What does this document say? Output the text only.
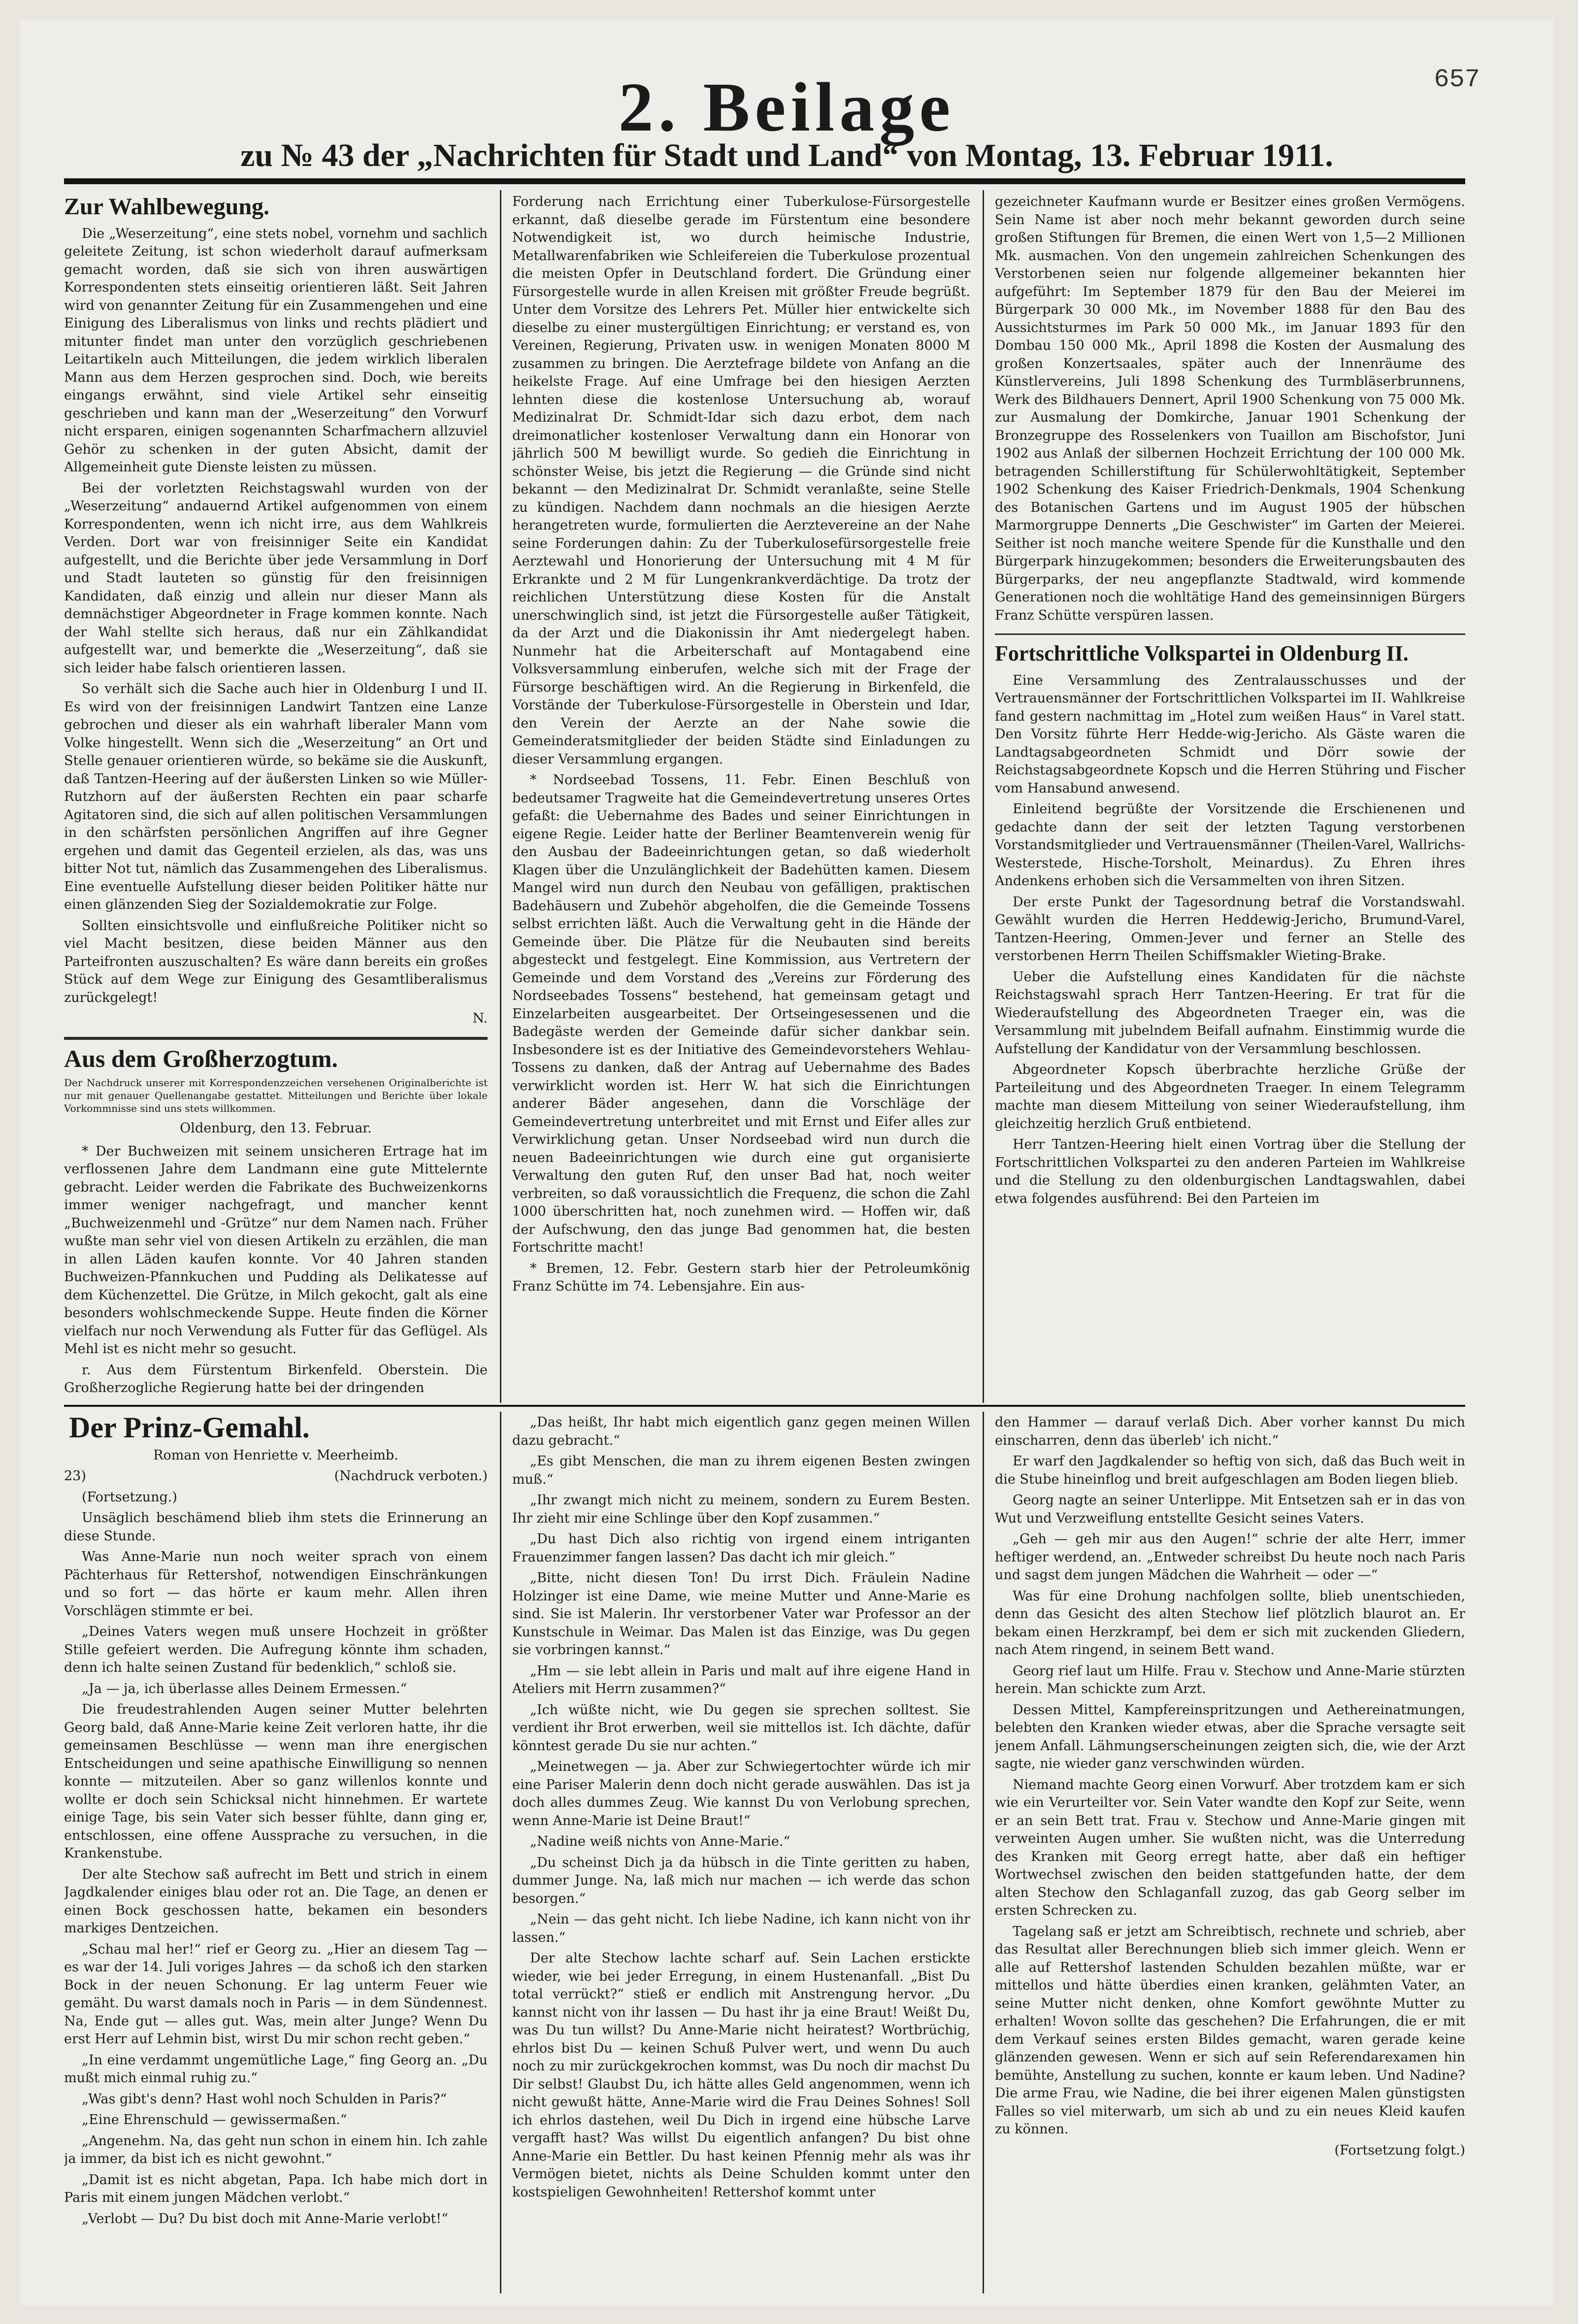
657
2. Beilage
zu № 43 der „Nachrichten für Stadt und Land“ von Montag, 13. Februar 1911.
Zur Wahlbewegung.

Die „Weserzeitung“, eine stets nobel, vornehm und sachlich geleitete Zeitung, ist schon wiederholt darauf aufmerksam gemacht worden, daß sie sich von ihren auswärtigen Korrespondenten stets einseitig orientieren läßt. Seit Jahren wird von genannter Zeitung für ein Zusammengehen und eine Einigung des Liberalismus von links und rechts plädiert und mitunter findet man unter den vorzüglich geschriebenen Leitartikeln auch Mitteilungen, die jedem wirklich liberalen Mann aus dem Herzen gesprochen sind. Doch, wie bereits eingangs erwähnt, sind viele Artikel sehr einseitig geschrieben und kann man der „Weserzeitung“ den Vorwurf nicht ersparen, einigen sogenannten Scharfmachern allzuviel Gehör zu schenken in der guten Absicht, damit der Allgemeinheit gute Dienste leisten zu müssen.

Bei der vorletzten Reichstagswahl wurden von der „Weserzeitung“ andauernd Artikel aufgenommen von einem Korrespondenten, wenn ich nicht irre, aus dem Wahlkreis Verden. Dort war von freisinniger Seite ein Kandidat aufgestellt, und die Berichte über jede Versammlung in Dorf und Stadt lauteten so günstig für den freisinnigen Kandidaten, daß einzig und allein nur dieser Mann als demnächstiger Abgeordneter in Frage kommen konnte. Nach der Wahl stellte sich heraus, daß nur ein Zählkandidat aufgestellt war, und bemerkte die „Weserzeitung“, daß sie sich leider habe falsch orientieren lassen.

So verhält sich die Sache auch hier in Oldenburg I und II. Es wird von der freisinnigen Landwirt Tantzen eine Lanze gebrochen und dieser als ein wahrhaft liberaler Mann vom Volke hingestellt. Wenn sich die „Weserzeitung“ an Ort und Stelle genauer orientieren würde, so bekäme sie die Auskunft, daß Tantzen-Heering auf der äußersten Linken so wie Müller-Rutzhorn auf der äußersten Rechten ein paar scharfe Agitatoren sind, die sich auf allen politischen Versammlungen in den schärfsten persönlichen Angriffen auf ihre Gegner ergehen und damit das Gegenteil erzielen, als das, was uns bitter Not tut, nämlich das Zusammengehen des Liberalismus. Eine eventuelle Aufstellung dieser beiden Politiker hätte nur einen glänzenden Sieg der Sozialdemokratie zur Folge.

Sollten einsichtsvolle und einflußreiche Politiker nicht so viel Macht besitzen, diese beiden Männer aus den Parteifronten auszuschalten? Es wäre dann bereits ein großes Stück auf dem Wege zur Einigung des Gesamtliberalismus zurückgelegt!

N.

Aus dem Großherzogtum.

Der Nachdruck unserer mit Korrespondenzzeichen versehenen Originalberichte ist nur mit genauer Quellenangabe gestattet. Mitteilungen und Berichte über lokale Vorkommnisse sind uns stets willkommen.

Oldenburg, den 13. Februar.

* Der Buchweizen mit seinem unsicheren Ertrage hat im verflossenen Jahre dem Landmann eine gute Mittelernte gebracht. Leider werden die Fabrikate des Buchweizenkorns immer weniger nachgefragt, und mancher kennt „Buchweizenmehl und -Grütze“ nur dem Namen nach. Früher wußte man sehr viel von diesen Artikeln zu erzählen, die man in allen Läden kaufen konnte. Vor 40 Jahren standen Buchweizen-Pfannkuchen und Pudding als Delikatesse auf dem Küchenzettel. Die Grütze, in Milch gekocht, galt als eine besonders wohlschmeckende Suppe. Heute finden die Körner vielfach nur noch Verwendung als Futter für das Geflügel. Als Mehl ist es nicht mehr so gesucht.

r. Aus dem Fürstentum Birkenfeld. Oberstein. Die Großherzogliche Regierung hatte bei der dringenden

Forderung nach Errichtung einer Tuberkulose-Fürsorgestelle erkannt, daß dieselbe gerade im Fürstentum eine besondere Notwendigkeit ist, wo durch heimische Industrie, Metallwarenfabriken wie Schleifereien die Tuberkulose prozentual die meisten Opfer in Deutschland fordert. Die Gründung einer Fürsorgestelle wurde in allen Kreisen mit größter Freude begrüßt. Unter dem Vorsitze des Lehrers Pet. Müller hier entwickelte sich dieselbe zu einer mustergültigen Einrichtung; er verstand es, von Vereinen, Regierung, Privaten usw. in wenigen Monaten 8000 M zusammen zu bringen. Die Aerztefrage bildete von Anfang an die heikelste Frage. Auf eine Umfrage bei den hiesigen Aerzten lehnten diese die kostenlose Untersuchung ab, worauf Medizinalrat Dr. Schmidt-Idar sich dazu erbot, dem nach dreimonatlicher kostenloser Verwaltung dann ein Honorar von jährlich 500 M bewilligt wurde. So gedieh die Einrichtung in schönster Weise, bis jetzt die Regierung — die Gründe sind nicht bekannt — den Medizinalrat Dr. Schmidt veranlaßte, seine Stelle zu kündigen. Nachdem dann nochmals an die hiesigen Aerzte herangetreten wurde, formulierten die Aerztevereine an der Nahe seine Forderungen dahin: Zu der Tuberkulosefürsorgestelle freie Aerztewahl und Honorierung der Untersuchung mit 4 M für Erkrankte und 2 M für Lungenkrankverdächtige. Da trotz der reichlichen Unterstützung diese Kosten für die Anstalt unerschwinglich sind, ist jetzt die Fürsorgestelle außer Tätigkeit, da der Arzt und die Diakonissin ihr Amt niedergelegt haben. Nunmehr hat die Arbeiterschaft auf Montagabend eine Volksversammlung einberufen, welche sich mit der Frage der Fürsorge beschäftigen wird. An die Regierung in Birkenfeld, die Vorstände der Tuberkulose-Fürsorgestelle in Oberstein und Idar, den Verein der Aerzte an der Nahe sowie die Gemeinderatsmitglieder der beiden Städte sind Einladungen zu dieser Versammlung ergangen.

* Nordseebad Tossens, 11. Febr. Einen Beschluß von bedeutsamer Tragweite hat die Gemeindevertretung unseres Ortes gefaßt: die Uebernahme des Bades und seiner Einrichtungen in eigene Regie. Leider hatte der Berliner Beamtenverein wenig für den Ausbau der Badeeinrichtungen getan, so daß wiederholt Klagen über die Unzulänglichkeit der Badehütten kamen. Diesem Mangel wird nun durch den Neubau von gefälligen, praktischen Badehäusern und Zubehör abgeholfen, die die Gemeinde Tossens selbst errichten läßt. Auch die Verwaltung geht in die Hände der Gemeinde über. Die Plätze für die Neubauten sind bereits abgesteckt und festgelegt. Eine Kommission, aus Vertretern der Gemeinde und dem Vorstand des „Vereins zur Förderung des Nordseebades Tossens“ bestehend, hat gemeinsam getagt und Einzelarbeiten ausgearbeitet. Der Ortseingesessenen und die Badegäste werden der Gemeinde dafür sicher dankbar sein. Insbesondere ist es der Initiative des Gemeindevorstehers Wehlau-Tossens zu danken, daß der Antrag auf Uebernahme des Bades verwirklicht worden ist. Herr W. hat sich die Einrichtungen anderer Bäder angesehen, dann die Vorschläge der Gemeindevertretung unterbreitet und mit Ernst und Eifer alles zur Verwirklichung getan. Unser Nordseebad wird nun durch die neuen Badeeinrichtungen wie durch eine gut organisierte Verwaltung den guten Ruf, den unser Bad hat, noch weiter verbreiten, so daß voraussichtlich die Frequenz, die schon die Zahl 1000 überschritten hat, noch zunehmen wird. — Hoffen wir, daß der Aufschwung, den das junge Bad genommen hat, die besten Fortschritte macht!

* Bremen, 12. Febr. Gestern starb hier der Petroleumkönig Franz Schütte im 74. Lebensjahre. Ein aus-

gezeichneter Kaufmann wurde er Besitzer eines großen Vermögens. Sein Name ist aber noch mehr bekannt geworden durch seine großen Stiftungen für Bremen, die einen Wert von 1,5—2 Millionen Mk. ausmachen. Von den ungemein zahlreichen Schenkungen des Verstorbenen seien nur folgende allgemeiner bekannten hier aufgeführt: Im September 1879 für den Bau der Meierei im Bürgerpark 30 000 Mk., im November 1888 für den Bau des Aussichtsturmes im Park 50 000 Mk., im Januar 1893 für den Dombau 150 000 Mk., April 1898 die Kosten der Ausmalung des großen Konzertsaales, später auch der Innenräume des Künstlervereins, Juli 1898 Schenkung des Turmbläserbrunnens, Werk des Bildhauers Dennert, April 1900 Schenkung von 75 000 Mk. zur Ausmalung der Domkirche, Januar 1901 Schenkung der Bronzegruppe des Rosselenkers von Tuaillon am Bischofstor, Juni 1902 aus Anlaß der silbernen Hochzeit Errichtung der 100 000 Mk. betragenden Schillerstiftung für Schülerwohltätigkeit, September 1902 Schenkung des Kaiser Friedrich-Denkmals, 1904 Schenkung des Botanischen Gartens und im August 1905 der hübschen Marmorgruppe Dennerts „Die Geschwister“ im Garten der Meierei. Seither ist noch manche weitere Spende für die Kunsthalle und den Bürgerpark hinzugekommen; besonders die Erweiterungsbauten des Bürgerparks, der neu angepflanzte Stadtwald, wird kommende Generationen noch die wohltätige Hand des gemeinsinnigen Bürgers Franz Schütte verspüren lassen.

Fortschrittliche Volkspartei in Oldenburg II.

Eine Versammlung des Zentralausschusses und der Vertrauensmänner der Fortschrittlichen Volkspartei im II. Wahlkreise fand gestern nachmittag im „Hotel zum weißen Haus“ in Varel statt. Den Vorsitz führte Herr Hedde-wig-Jericho. Als Gäste waren die Landtagsabgeordneten Schmidt und Dörr sowie der Reichstagsabgeordnete Kopsch und die Herren Stühring und Fischer vom Hansabund anwesend.

Einleitend begrüßte der Vorsitzende die Erschienenen und gedachte dann der seit der letzten Tagung verstorbenen Vorstandsmitglieder und Vertrauensmänner (Theilen-Varel, Wallrichs-Westerstede, Hische-Torsholt, Meinardus). Zu Ehren ihres Andenkens erhoben sich die Versammelten von ihren Sitzen.

Der erste Punkt der Tagesordnung betraf die Vorstandswahl. Gewählt wurden die Herren Heddewig-Jericho, Brumund-Varel, Tantzen-Heering, Ommen-Jever und ferner an Stelle des verstorbenen Herrn Theilen Schiffsmakler Wieting-Brake.

Ueber die Aufstellung eines Kandidaten für die nächste Reichstagswahl sprach Herr Tantzen-Heering. Er trat für die Wiederaufstellung des Abgeordneten Traeger ein, was die Versammlung mit jubelndem Beifall aufnahm. Einstimmig wurde die Aufstellung der Kandidatur von der Versammlung beschlossen.

Abgeordneter Kopsch überbrachte herzliche Grüße der Parteileitung und des Abgeordneten Traeger. In einem Telegramm machte man diesem Mitteilung von seiner Wiederaufstellung, ihm gleichzeitig herzlich Gruß entbietend.

Herr Tantzen-Heering hielt einen Vortrag über die Stellung der Fortschrittlichen Volkspartei zu den anderen Parteien im Wahlkreise und die Stellung zu den oldenburgischen Landtagswahlen, dabei etwa folgendes ausführend: Bei den Parteien im

Der Prinz-Gemahl.

Roman von Henriette v. Meerheimb.

23)	(Nachdruck verboten.)

(Fortsetzung.)

Unsäglich beschämend blieb ihm stets die Erinnerung an diese Stunde.

Was Anne-Marie nun noch weiter sprach von einem Pächterhaus für Rettershof, notwendigen Einschränkungen und so fort — das hörte er kaum mehr. Allen ihren Vorschlägen stimmte er bei.

„Deines Vaters wegen muß unsere Hochzeit in größter Stille gefeiert werden. Die Aufregung könnte ihm schaden, denn ich halte seinen Zustand für bedenklich,“ schloß sie.

„Ja — ja, ich überlasse alles Deinem Ermessen.“

Die freudestrahlenden Augen seiner Mutter belehrten Georg bald, daß Anne-Marie keine Zeit verloren hatte, ihr die gemeinsamen Beschlüsse — wenn man ihre energischen Entscheidungen und seine apathische Einwilligung so nennen konnte — mitzuteilen. Aber so ganz willenlos konnte und wollte er doch sein Schicksal nicht hinnehmen. Er wartete einige Tage, bis sein Vater sich besser fühlte, dann ging er, entschlossen, eine offene Aussprache zu versuchen, in die Krankenstube.

Der alte Stechow saß aufrecht im Bett und strich in einem Jagdkalender einiges blau oder rot an. Die Tage, an denen er einen Bock geschossen hatte, bekamen ein besonders markiges Dentzeichen.

„Schau mal her!“ rief er Georg zu. „Hier an diesem Tag — es war der 14. Juli voriges Jahres — da schoß ich den starken Bock in der neuen Schonung. Er lag unterm Feuer wie gemäht. Du warst damals noch in Paris — in dem Sündennest. Na, Ende gut — alles gut. Was, mein alter Junge? Wenn Du erst Herr auf Lehmin bist, wirst Du mir schon recht geben.“

„In eine verdammt ungemütliche Lage,“ fing Georg an. „Du mußt mich einmal ruhig zu.“

„Was gibt's denn? Hast wohl noch Schulden in Paris?“

„Eine Ehrenschuld — gewissermaßen.“

„Angenehm. Na, das geht nun schon in einem hin. Ich zahle ja immer, da bist ich es nicht gewohnt.“

„Damit ist es nicht abgetan, Papa. Ich habe mich dort in Paris mit einem jungen Mädchen verlobt.“

„Verlobt — Du? Du bist doch mit Anne-Marie verlobt!“

„Das heißt, Ihr habt mich eigentlich ganz gegen meinen Willen dazu gebracht.“

„Es gibt Menschen, die man zu ihrem eigenen Besten zwingen muß.“

„Ihr zwangt mich nicht zu meinem, sondern zu Eurem Besten. Ihr zieht mir eine Schlinge über den Kopf zusammen.“

„Du hast Dich also richtig von irgend einem intriganten Frauenzimmer fangen lassen? Das dacht ich mir gleich.“

„Bitte, nicht diesen Ton! Du irrst Dich. Fräulein Nadine Holzinger ist eine Dame, wie meine Mutter und Anne-Marie es sind. Sie ist Malerin. Ihr verstorbener Vater war Professor an der Kunstschule in Weimar. Das Malen ist das Einzige, was Du gegen sie vorbringen kannst.“

„Hm — sie lebt allein in Paris und malt auf ihre eigene Hand in Ateliers mit Herrn zusammen?“

„Ich wüßte nicht, wie Du gegen sie sprechen solltest. Sie verdient ihr Brot erwerben, weil sie mittellos ist. Ich dächte, dafür könntest gerade Du sie nur achten.“

„Meinetwegen — ja. Aber zur Schwiegertochter würde ich mir eine Pariser Malerin denn doch nicht gerade auswählen. Das ist ja doch alles dummes Zeug. Wie kannst Du von Verlobung sprechen, wenn Anne-Marie ist Deine Braut!“

„Nadine weiß nichts von Anne-Marie.“

„Du scheinst Dich ja da hübsch in die Tinte geritten zu haben, dummer Junge. Na, laß mich nur machen — ich werde das schon besorgen.“

„Nein — das geht nicht. Ich liebe Nadine, ich kann nicht von ihr lassen.“

Der alte Stechow lachte scharf auf. Sein Lachen erstickte wieder, wie bei jeder Erregung, in einem Hustenanfall. „Bist Du total verrückt?“ stieß er endlich mit Anstrengung hervor. „Du kannst nicht von ihr lassen — Du hast ihr ja eine Braut! Weißt Du, was Du tun willst? Du Anne-Marie nicht heiratest? Wortbrüchig, ehrlos bist Du — keinen Schuß Pulver wert, und wenn Du auch noch zu mir zurückgekrochen kommst, was Du noch dir machst Du Dir selbst! Glaubst Du, ich hätte alles Geld angenommen, wenn ich nicht gewußt hätte, Anne-Marie wird die Frau Deines Sohnes! Soll ich ehrlos dastehen, weil Du Dich in irgend eine hübsche Larve vergafft hast? Was willst Du eigentlich anfangen? Du bist ohne Anne-Marie ein Bettler. Du hast keinen Pfennig mehr als was ihr Vermögen bietet, nichts als Deine Schulden kommt unter den kostspieligen Gewohnheiten! Rettershof kommt unter

den Hammer — darauf verlaß Dich. Aber vorher kannst Du mich einscharren, denn das überleb' ich nicht.“

Er warf den Jagdkalender so heftig von sich, daß das Buch weit in die Stube hineinflog und breit aufgeschlagen am Boden liegen blieb.

Georg nagte an seiner Unterlippe. Mit Entsetzen sah er in das von Wut und Verzweiflung entstellte Gesicht seines Vaters.

„Geh — geh mir aus den Augen!“ schrie der alte Herr, immer heftiger werdend, an. „Entweder schreibst Du heute noch nach Paris und sagst dem jungen Mädchen die Wahrheit — oder —“

Was für eine Drohung nachfolgen sollte, blieb unentschieden, denn das Gesicht des alten Stechow lief plötzlich blaurot an. Er bekam einen Herzkrampf, bei dem er sich mit zuckenden Gliedern, nach Atem ringend, in seinem Bett wand.

Georg rief laut um Hilfe. Frau v. Stechow und Anne-Marie stürzten herein. Man schickte zum Arzt.

Dessen Mittel, Kampfereinspritzungen und Aethereinatmungen, belebten den Kranken wieder etwas, aber die Sprache versagte seit jenem Anfall. Lähmungserscheinungen zeigten sich, die, wie der Arzt sagte, nie wieder ganz verschwinden würden.

Niemand machte Georg einen Vorwurf. Aber trotzdem kam er sich wie ein Verurteilter vor. Sein Vater wandte den Kopf zur Seite, wenn er an sein Bett trat. Frau v. Stechow und Anne-Marie gingen mit verweinten Augen umher. Sie wußten nicht, was die Unterredung des Kranken mit Georg erregt hatte, aber daß ein heftiger Wortwechsel zwischen den beiden stattgefunden hatte, der dem alten Stechow den Schlaganfall zuzog, das gab Georg selber im ersten Schrecken zu.

Tagelang saß er jetzt am Schreibtisch, rechnete und schrieb, aber das Resultat aller Berechnungen blieb sich immer gleich. Wenn er alle auf Rettershof lastenden Schulden bezahlen müßte, war er mittellos und hätte überdies einen kranken, gelähmten Vater, an seine Mutter nicht denken, ohne Komfort gewöhnte Mutter zu erhalten! Wovon sollte das geschehen? Die Erfahrungen, die er mit dem Verkauf seines ersten Bildes gemacht, waren gerade keine glänzenden gewesen. Wenn er sich auf sein Referendarexamen hin bemühte, Anstellung zu suchen, konnte er kaum leben. Und Nadine? Die arme Frau, wie Nadine, die bei ihrer eigenen Malen günstigsten Falles so viel miterwarb, um sich ab und zu ein neues Kleid kaufen zu können.

(Fortsetzung folgt.)
